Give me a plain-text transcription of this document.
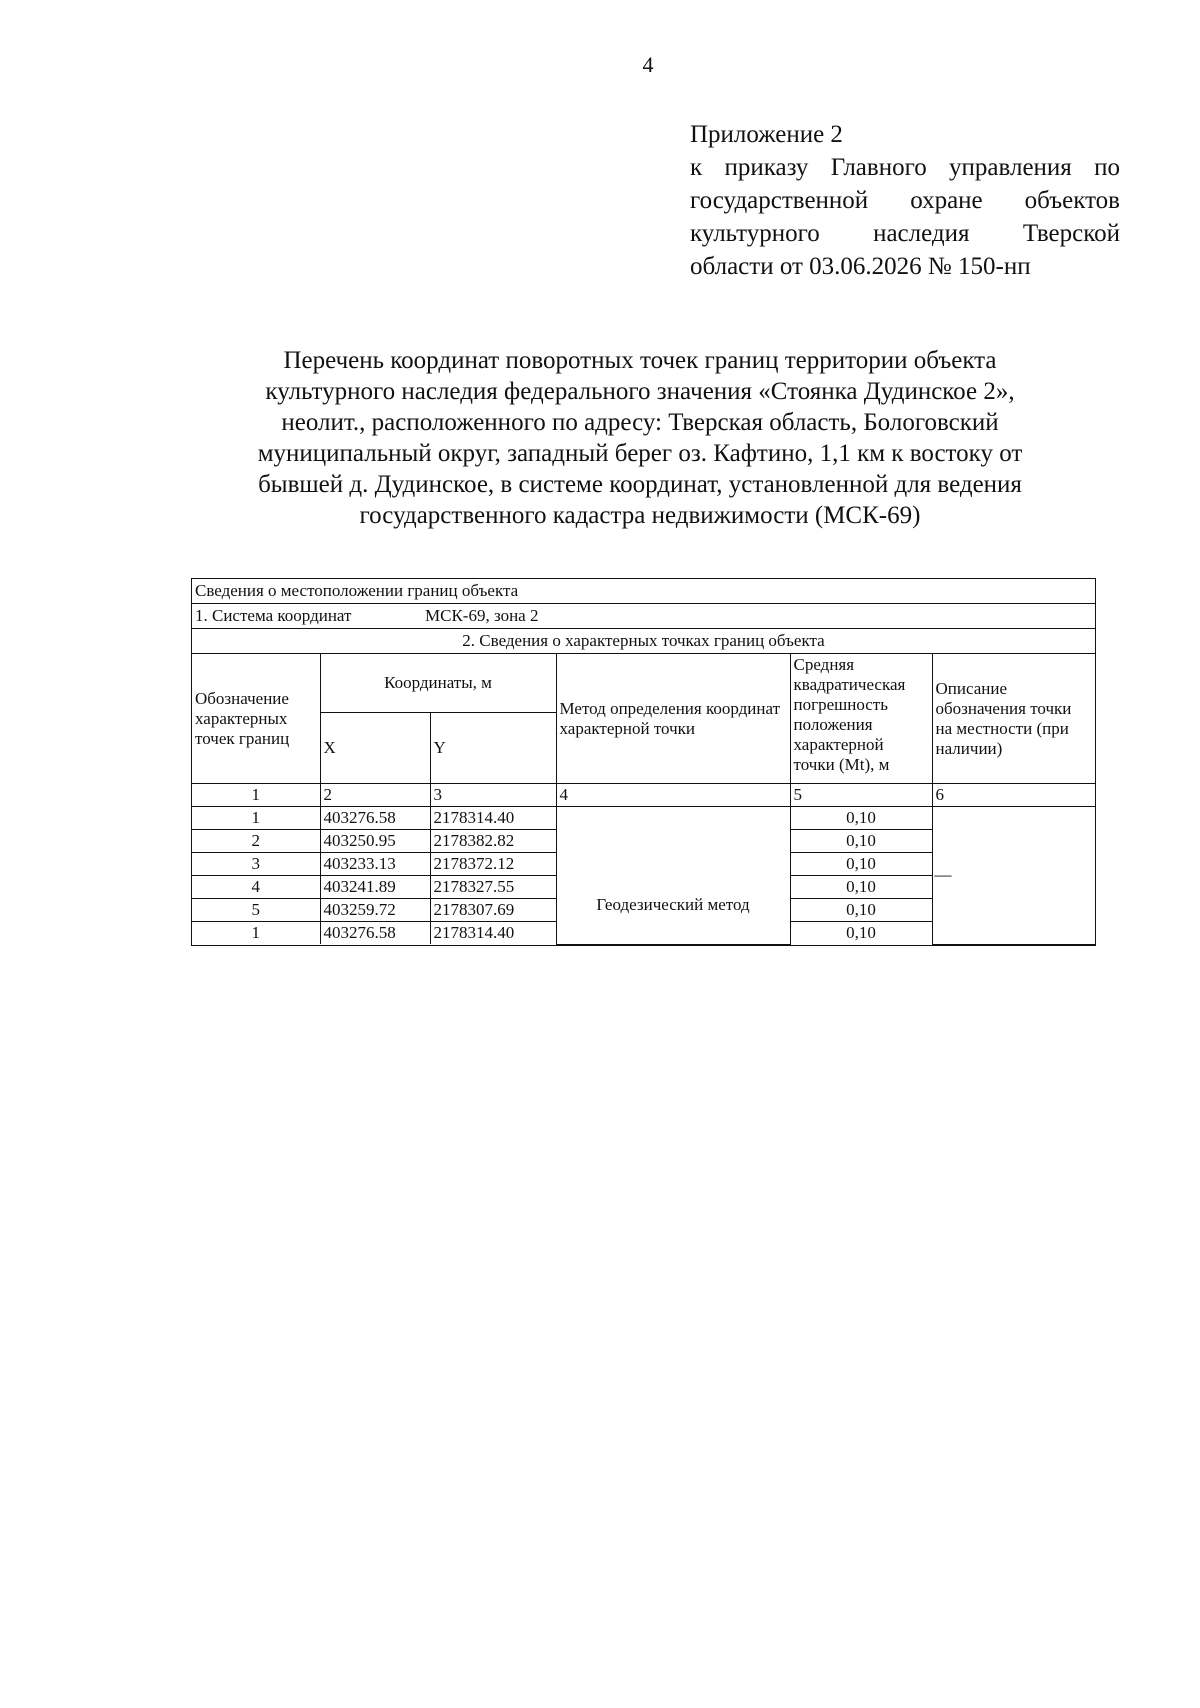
4
Приложение 2
к приказу Главного управления по
государственной охране объектов
культурного наследия Тверской
области от 03.06.2026 № 150-нп
Перечень координат поворотных точек границ территории объекта
культурного наследия федерального значения «Стоянка Дудинское 2»,
неолит., расположенного по адресу: Тверская область, Бологовский
муниципальный округ, западный берег оз. Кафтино, 1,1 км к востоку от
бывшей д. Дудинское, в системе координат, установленной для ведения
государственного кадастра недвижимости (МСК-69)
Сведения о местоположении границ объекта
1. Система координат	МСК-69, зона 2
2. Сведения о характерных точках границ объекта
Обозначение характерных точек границ	Координаты, м		Метод определения координат характерной точки	Средняя квадратическая погрешность положения характерной точки (Mt), м	Описание обозначения точки на местности (при наличии)
	X	Y			
1	2	3	4	5	6
1	403276.58	2178314.40	Геодезический метод	0,10	—
2	403250.95	2178382.82		0,10	
3	403233.13	2178372.12		0,10	
4	403241.89	2178327.55		0,10	
5	403259.72	2178307.69		0,10	
1	403276.58	2178314.40		0,10	
